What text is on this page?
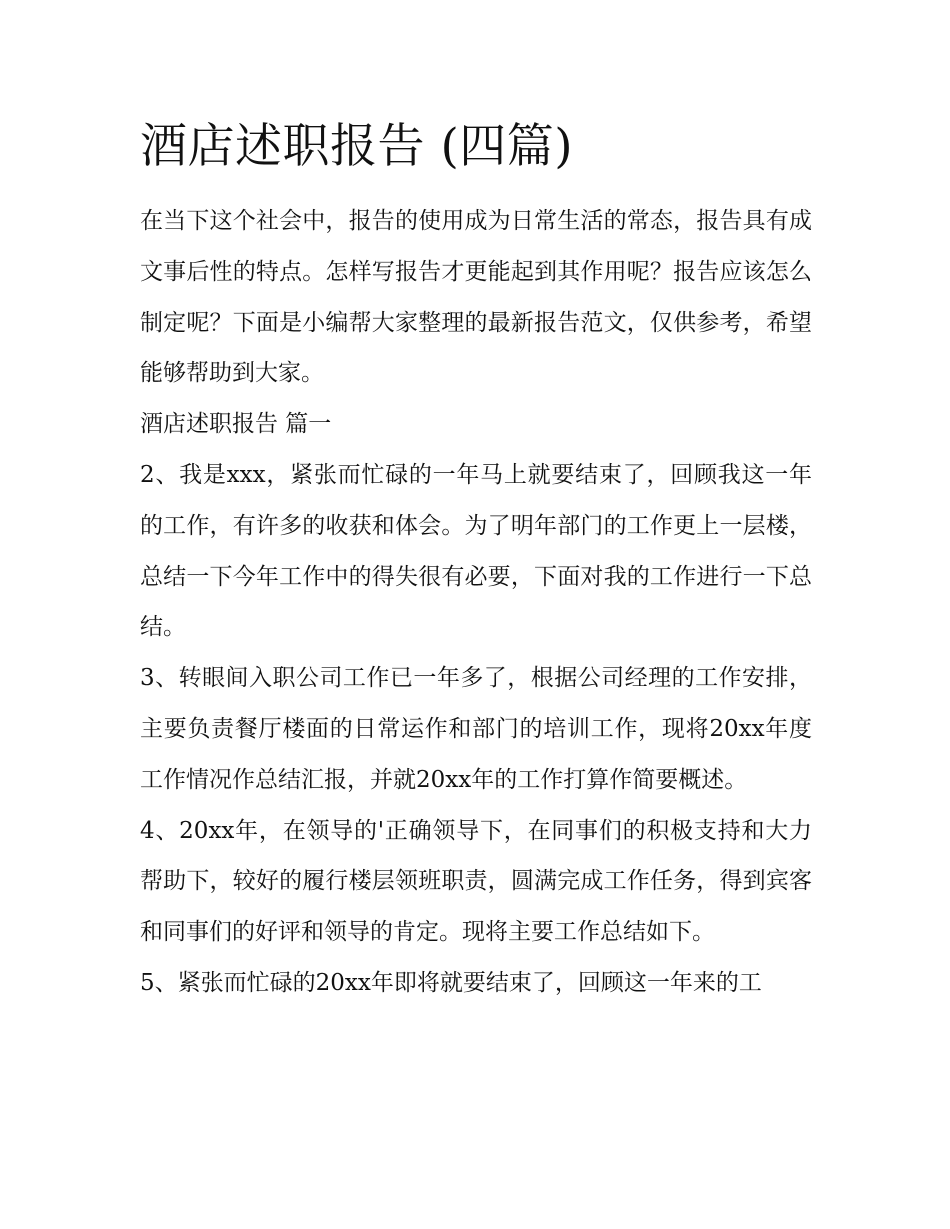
酒店述职报告 (四篇)

在当下这个社会中，报告的使用成为日常生活的常态，报告具有成文事后性的特点。怎样写报告才更能起到其作用呢？报告应该怎么制定呢？下面是小编帮大家整理的最新报告范文，仅供参考，希望能够帮助到大家。

酒店述职报告 篇一

2、我是xxx，紧张而忙碌的一年马上就要结束了，回顾我这一年的工作，有许多的收获和体会。为了明年部门的工作更上一层楼，总结一下今年工作中的得失很有必要，下面对我的工作进行一下总结。

3、转眼间入职公司工作已一年多了，根据公司经理的工作安排，主要负责餐厅楼面的日常运作和部门的培训工作，现将20xx年度工作情况作总结汇报，并就20xx年的工作打算作简要概述。

4、20xx年，在领导的'正确领导下，在同事们的积极支持和大力帮助下，较好的履行楼层领班职责，圆满完成工作任务，得到宾客和同事们的好评和领导的肯定。现将主要工作总结如下。

5、紧张而忙碌的20xx年即将就要结束了，回顾这一年来的工
